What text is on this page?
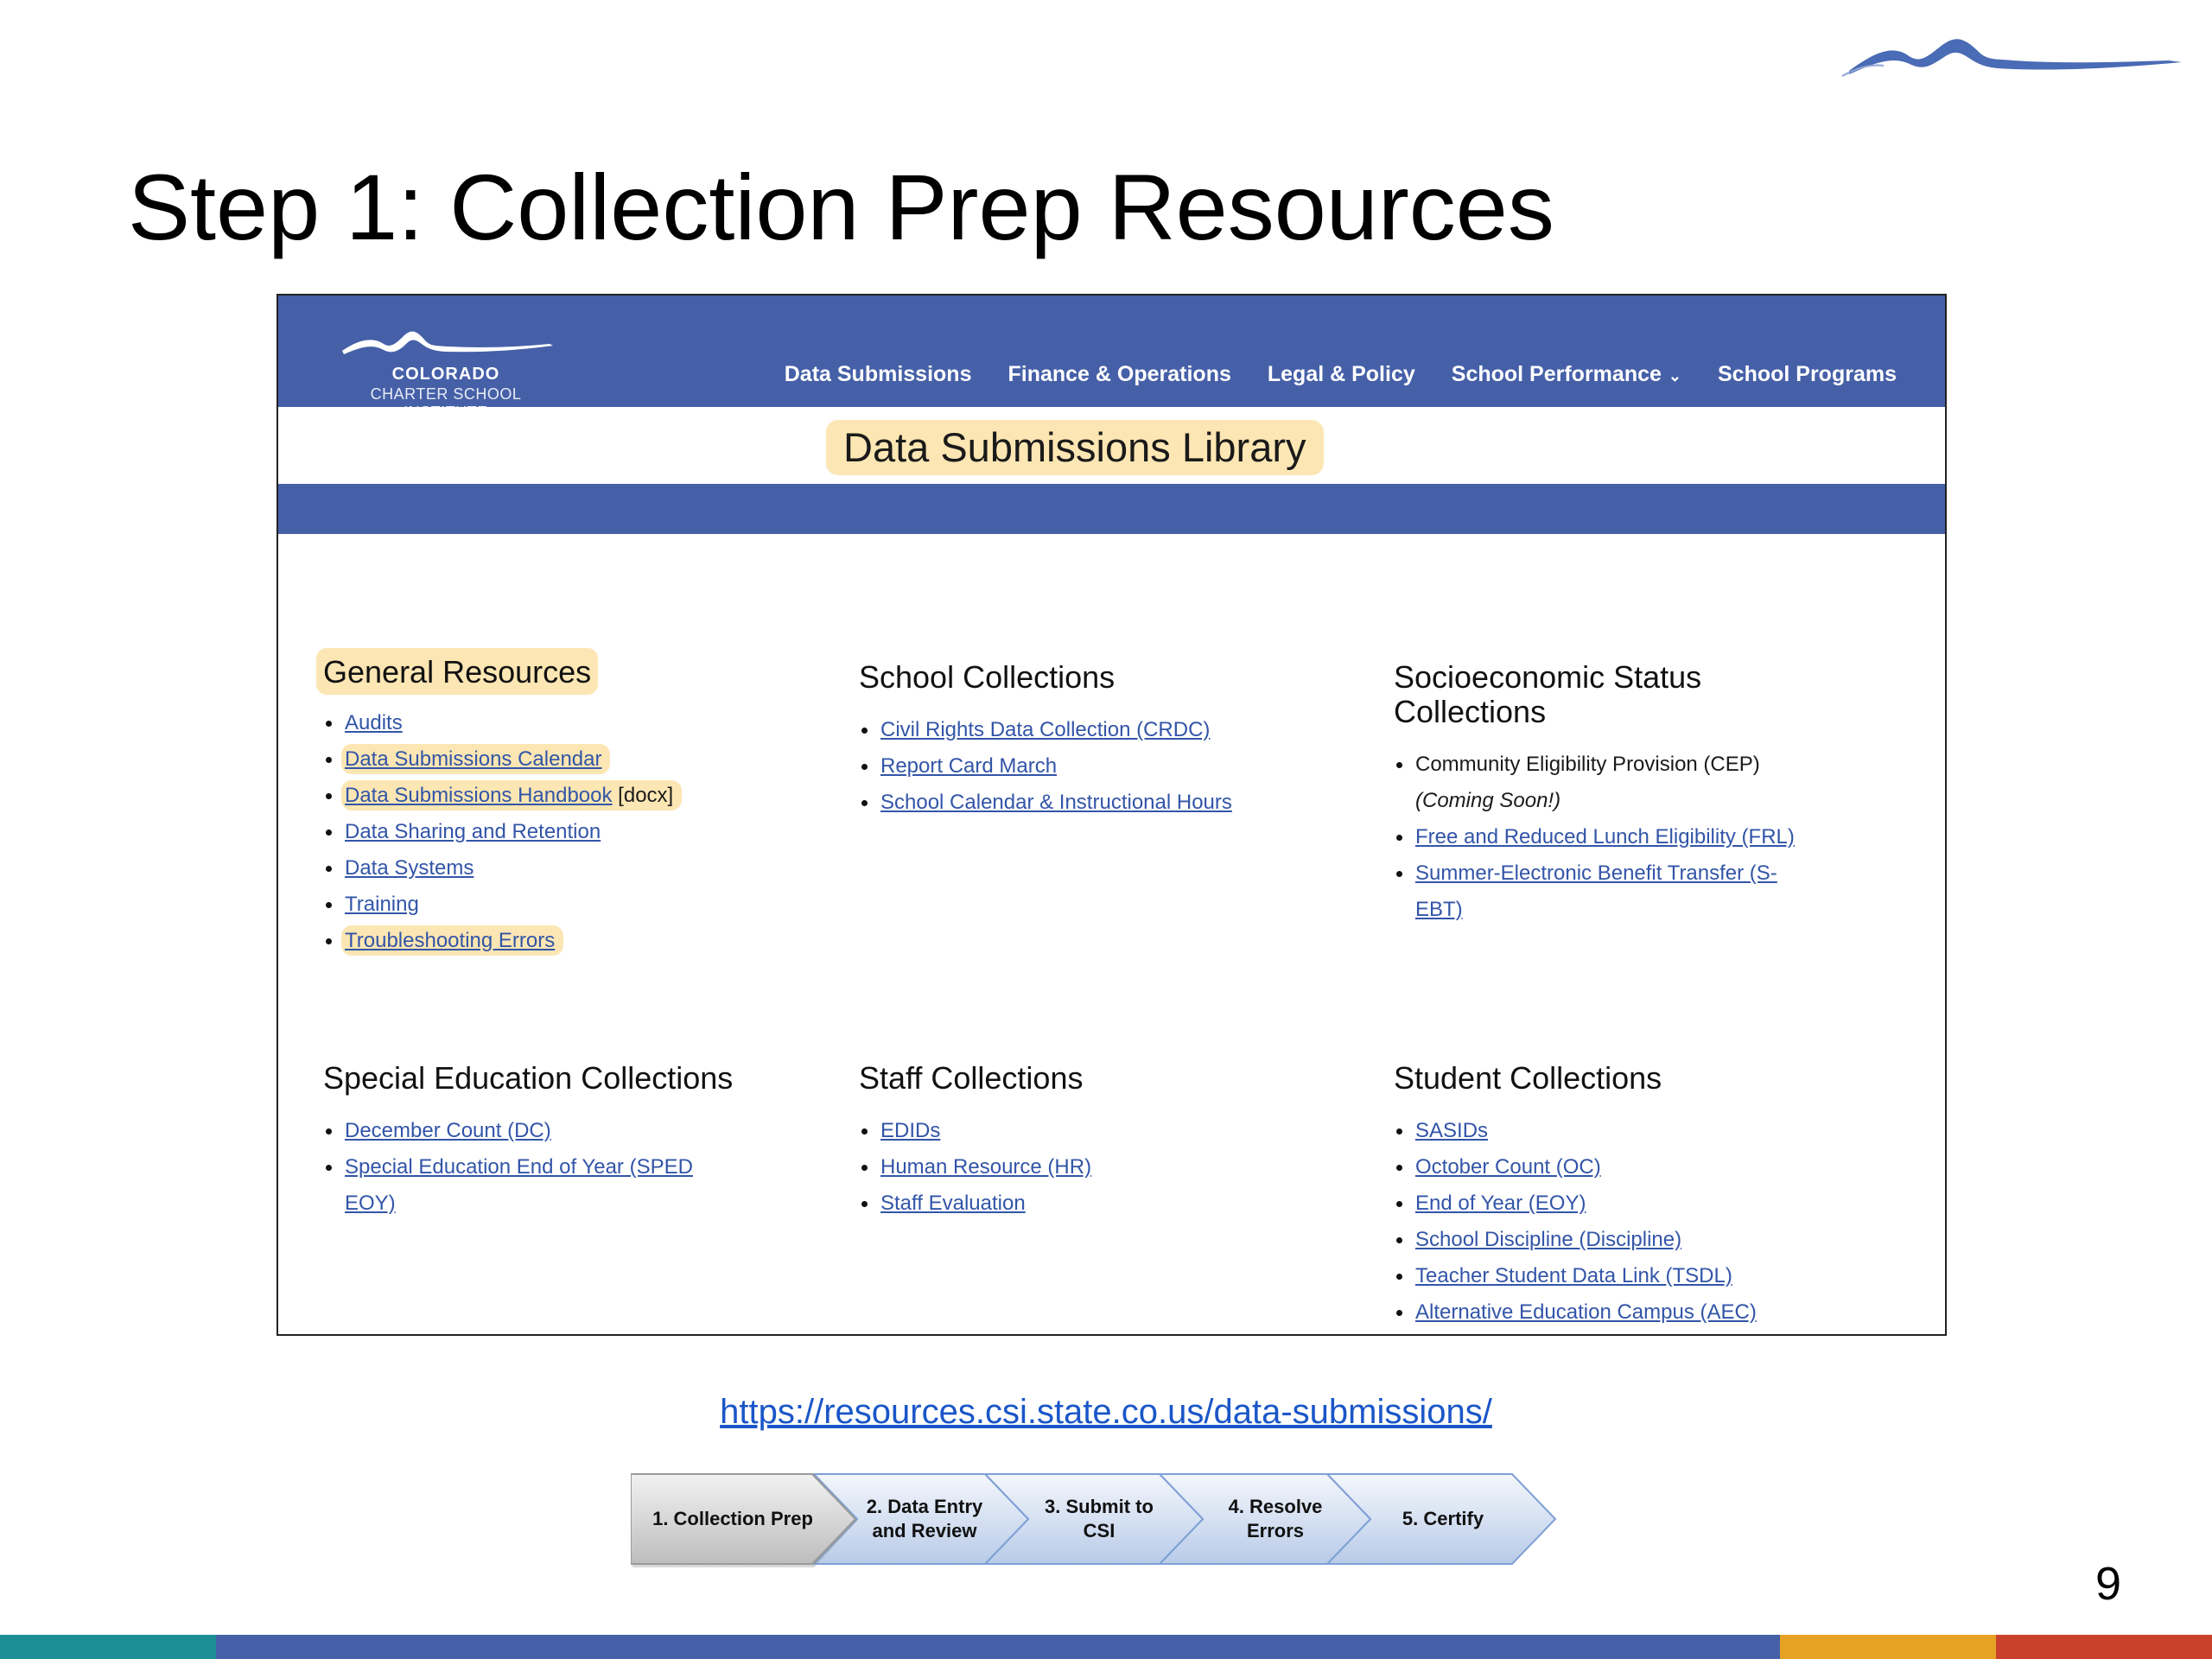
Step 1: Collection Prep Resources
COLORADO
CHARTER SCHOOL
Data Submissions Finance & Operations Legal & Policy School Performance ⌄ School Programs
Data Submissions Library
General Resources
Audits
Data Submissions Calendar
Data Submissions Handbook [docx]
Data Sharing and Retention
Data Systems
Training
Troubleshooting Errors
School Collections
Civil Rights Data Collection (CRDC)
Report Card March
School Calendar & Instructional Hours
Socioeconomic Status
Collections
Community Eligibility Provision (CEP)
(Coming Soon!)
Free and Reduced Lunch Eligibility (FRL)
Summer-Electronic Benefit Transfer (S-
EBT)
Special Education Collections
December Count (DC)
Special Education End of Year (SPED
EOY)
Staff Collections
EDIDs
Human Resource (HR)
Staff Evaluation
Student Collections
SASIDs
October Count (OC)
End of Year (EOY)
School Discipline (Discipline)
Teacher Student Data Link (TSDL)
Alternative Education Campus (AEC)
https://resources.csi.state.co.us/data-submissions/
1. Collection Prep
2. Data Entry
and Review
3. Submit to
CSI
4. Resolve
Errors
5. Certify
9
